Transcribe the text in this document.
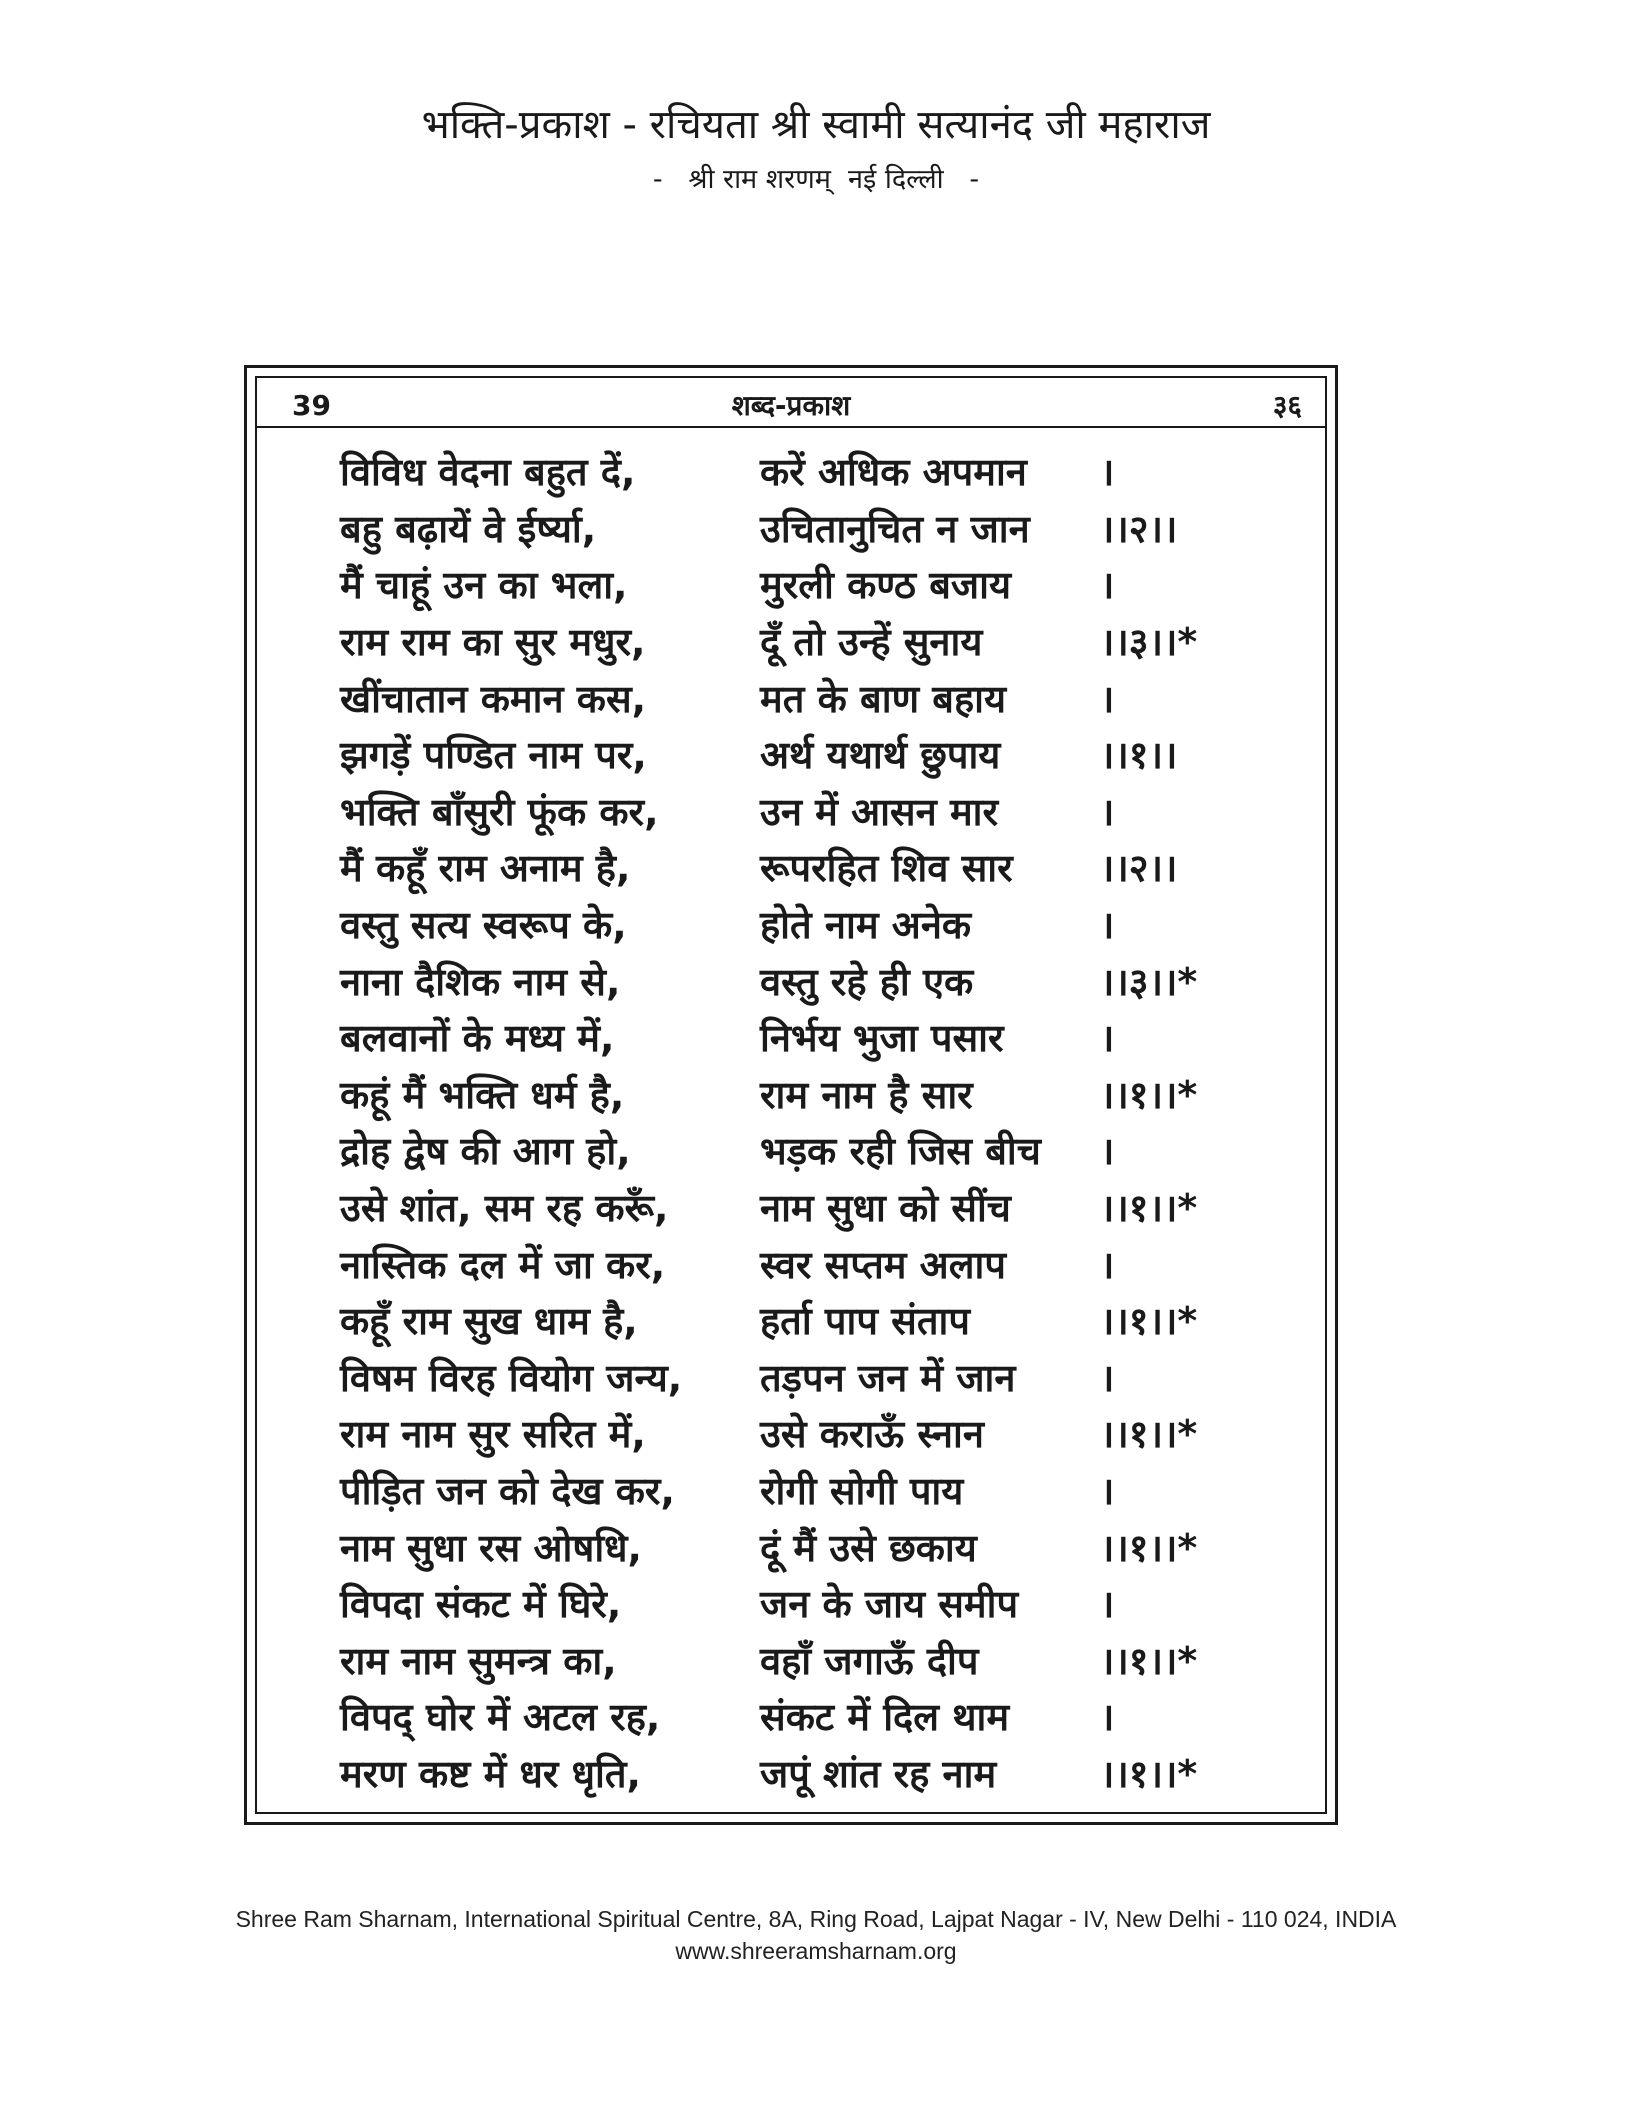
भक्ति-प्रकाश - रचियता श्री स्वामी सत्यानंद जी महाराज
-   श्री राम शरणम्  नई दिल्ली   -
39	शब्द-प्रकाश	३६
विविध वेदना बहुत दें,	करें अधिक अपमान	।
बहु बढ़ायें वे ईर्ष्या,	उचितानुचित न जान	।।२।।
मैं चाहूं उन का भला,	मुरली कण्ठ बजाय	।
राम राम का सुर मधुर,	दूँ तो उन्हें सुनाय	।।३।।*
खींचातान कमान कस,	मत के बाण बहाय	।
झगड़ें पण्डित नाम पर,	अर्थ यथार्थ छुपाय	।।१।।
भक्ति बाँसुरी फूंक कर,	उन में आसन मार	।
मैं कहूँ राम अनाम है,	रूपरहित शिव सार	।।२।।
वस्तु सत्य स्वरूप के,	होते नाम अनेक	।
नाना दैशिक नाम से,	वस्तु रहे ही एक	।।३।।*
बलवानों के मध्य में,	निर्भय भुजा पसार	।
कहूं मैं भक्ति धर्म है,	राम नाम है सार	।।१।।*
द्रोह द्वेष की आग हो,	भड़क रही जिस बीच	।
उसे शांत, सम रह करूँ,	नाम सुधा को सींच	।।१।।*
नास्तिक दल में जा कर,	स्वर सप्तम अलाप	।
कहूँ राम सुख धाम है,	हर्ता पाप संताप	।।१।।*
विषम विरह वियोग जन्य,	तड़पन जन में जान	।
राम नाम सुर सरित में,	उसे कराऊँ स्नान	।।१।।*
पीड़ित जन को देख कर,	रोगी सोगी पाय	।
नाम सुधा रस ओषधि,	दूं मैं उसे छकाय	।।१।।*
विपदा संकट में घिरे,	जन के जाय समीप	।
राम नाम सुमन्त्र का,	वहाँ जगाऊँ दीप	।।१।।*
विपद् घोर में अटल रह,	संकट में दिल थाम	।
मरण कष्ट में धर धृति,	जपूं शांत रह नाम	।।१।।*
Shree Ram Sharnam, International Spiritual Centre, 8A, Ring Road, Lajpat Nagar - IV, New Delhi - 110 024, INDIA
www.shreeramsharnam.org
